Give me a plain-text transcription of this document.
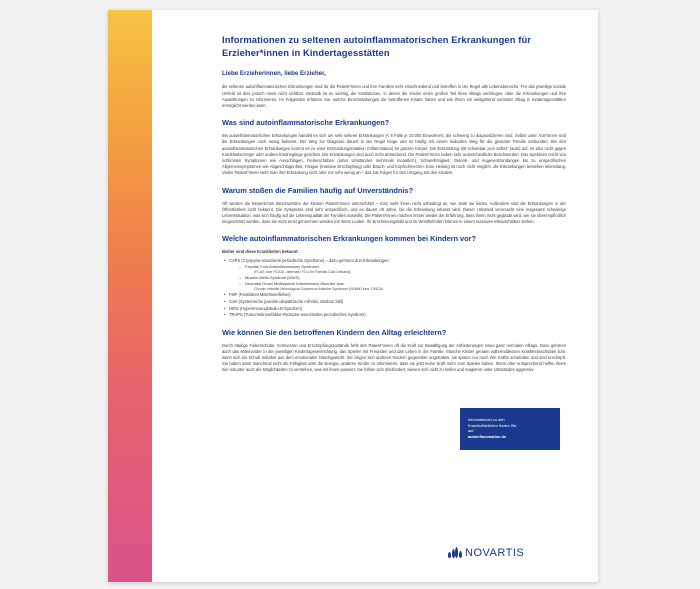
Informationen zu seltenen autoinflammatorischen Erkrankungen für Erzieher*innen in Kindertagesstätten
Liebe Erzieherinnen, liebe Erzieher,

die seltenen autoinflammatorischen Erkrankungen sind für die Patient*innen und ihre Familien sehr einschneidend und betreffen in der Regel alle Lebensbereiche. Für das jeweilige soziale Umfeld ist dies jedoch meist nicht sichtbar. Deshalb ist es wichtig, die Institutionen, in denen die Kinder einen großen Teil ihres Alltags verbringen, über die Erkrankungen und ihre Auswirkungen zu informieren. Im Folgenden erfahren Sie, welche Einschränkungen die betroffenen Kinder haben und wie ihnen ein weitgehend normaler Alltag in Kindertagesstätten ermöglicht werden kann.

Was sind autoinflammatorische Erkrankungen?

Bei autoinflammatorischen Erkrankungen handelt es sich um sehr seltene Erkrankungen (< 5 Fälle je 10.000 Einwohner), die schwerig zu diagnostizieren sind. Selbst unter Ärzt*innen sind die Erkrankungen noch wenig bekannt. Der Weg zur Diagnose dauert in der Regel lange und ist häufig mit einem leidvollen Weg für die gesamte Familie verbunden. Bei den autoinflammatorischen Erkrankungen kommt es zu einer Entzündungsreaktion (Inflammation) im ganzen Körper. Die Entzündung tritt scheinbar „von selbst“ (auto) auf, ist also nicht gegen Krankheitserreger oder andere Eindringlinge gerichtet. Die Erkrankungen sind auch nicht ansteckend. Die Patient*innen haben sehr unterschiedliche Beschwerden. Das Spektrum reicht von schlimsten Symptomen wie Ausschlägen, Fieberschüben (unter Umständen mehrmals monatlich), Schwerhörigkeit, Gelenk- und Augenentzündungen bis zu unspezifischen Allgemeinsymptomen wie Abgeschlagenheit, Fatigue (massive Erschöpfung) oder Bauch- und Kopfschmerzen. Eine Heilung ist noch nicht möglich, die Erkrankungen bestehen lebenslang. Vielen Patient*innen sieht man ihre Erkrankung nicht oder nur sehr wenig an – das hat Folgen für den Umgang mit den Kindern.

Warum stoßen die Familien häufig auf Unverständnis?

Oft werden die körperlichen Beschwerden der kleinen Patient*innen unterschätzt – man sieht ihnen nicht unbedingt an, wie stark sie leiden. Außerdem sind die Erkrankungen in der Öffentlichkeit nicht bekannt. Die Symptome sind sehr unspezifisch, und es dauert oft Jahre, bis die Erkrankung erkannt wird. Dieser Umstand verursacht eine insgesamt schwierige Lebenssituation, was sich häufig auf die Lebensqualität der Familien auswirkt. Die Patient*innen machen immer wieder die Erfahrung, dass ihnen nicht geglaubt wird, wie sie überempfindlich eingeschätzt werden, dass sie nicht ernst genommen werden mit ihrem Leiden. Ihr Erscheinungsbild und ihr Wohlbefinden können in einem massiven Missverhältnis stehen.

Welche autoinflammatorischen Erkrankungen kommen bei Kindern vor?
Bisher sind diese Krankheiten bekannt:
• CAPS (Cryopyrin-assoziierte periodische Syndrome) – dazu gehören drei Erkrankungen:
– Familial Cold Autoinflammatory Syndrome
(FCAS oder FCAS1, alternativ FCU für Familial Cold Urticaria)
– Muckle-Wells-Syndrom (MWS)
– Neonatal Onset Multisystem Inflammatory Disorder bzw.
Chronic Infantile Neurological Cutaneous Articular Syndrome (NOMID bzw. CINCA)
• FMF (Familiäres Mittelmeerfieber)
• SJIA (Systemische juvenile idiopathische Arthritis, Morbus Still)
• HIDS (Hyperimmunglobulin-D-Syndrom)
• TRAPS (Tumornekrosefaktor-Rezeptor-assoziiertes periodisches Syndrom)
Wie können Sie den betroffenen Kindern den Alltag erleichtern?

Durch häufige Fieberschübe, Schmerzen und Erschöpfungszustände fehlt den Patient*innen oft die Kraft zur Bewältigung der Anforderungen eines ganz normalen Alltags. Dazu gehören auch das Miteinander in der jeweiligen Kindertageseinrichtung, das Spielen mit Freunden und das Leben in der Familie. Manche Kinder geraten währenddessen Krankheitsschüben bzw. wenn sich ein Schub anbahnt aus dem emotionalen Gleichgewicht. Sie zeigen sich anderen Kindern gegenüber ungehalten, sie spüren nur noch ihre Kräfte schwinden und sind erschöpft. Sie haben dann manchmal nicht die Fähigkeit oder die Energie, anderen Kinder zu informieren, dass sie jetzt keine Kraft mehr zum Spielen haben. Ihrem Alter entsprechend helfen ihnen hier mitunter auch die Möglichkeiten zu verstehen, was mit ihnen passiert. Sie fühlen sich überfordert, wiesen sich nicht zu helfen und reagieren unter Umständen aggressiv.

Informationen zu den
Krankheitsbildern finden Sie
auf
autoinflammation.de
NOVARTIS
